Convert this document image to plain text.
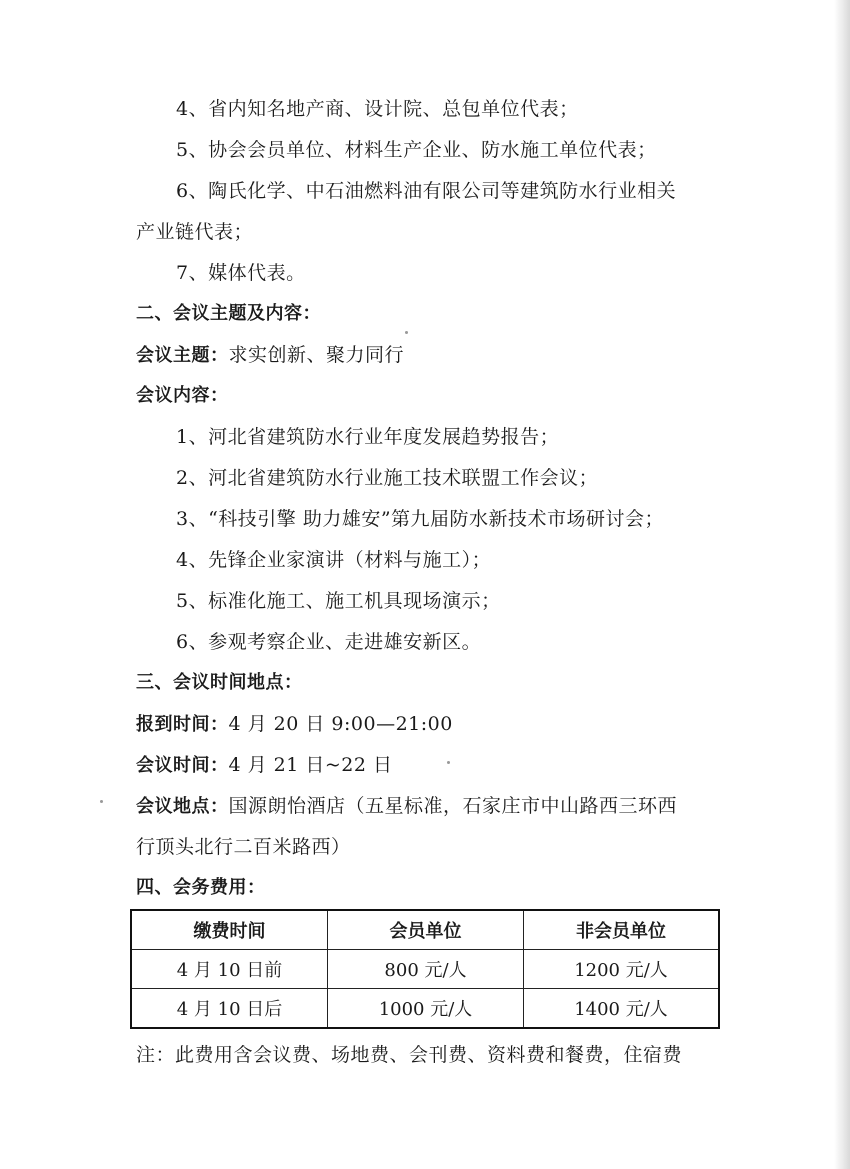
4、省内知名地产商、设计院、总包单位代表；
5、协会会员单位、材料生产企业、防水施工单位代表；
6、陶氏化学、中石油燃料油有限公司等建筑防水行业相关
产业链代表；
7、媒体代表。
二、会议主题及内容：
会议主题：求实创新、聚力同行
会议内容：
1、河北省建筑防水行业年度发展趋势报告；
2、河北省建筑防水行业施工技术联盟工作会议；
3、“科技引擎 助力雄安”第九届防水新技术市场研讨会；
4、先锋企业家演讲（材料与施工）；
5、标准化施工、施工机具现场演示；
6、参观考察企业、走进雄安新区。
三、会议时间地点：
报到时间：4 月 20 日 9:00—21:00
会议时间：4 月 21 日~22 日
会议地点：国源朗怡酒店（五星标准，石家庄市中山路西三环西
行顶头北行二百米路西）
四、会务费用：
缴费时间	会员单位	非会员单位
4 月 10 日前	800 元/人	1200 元/人
4 月 10 日后	1000 元/人	1400 元/人
注：此费用含会议费、场地费、会刊费、资料费和餐费，住宿费
